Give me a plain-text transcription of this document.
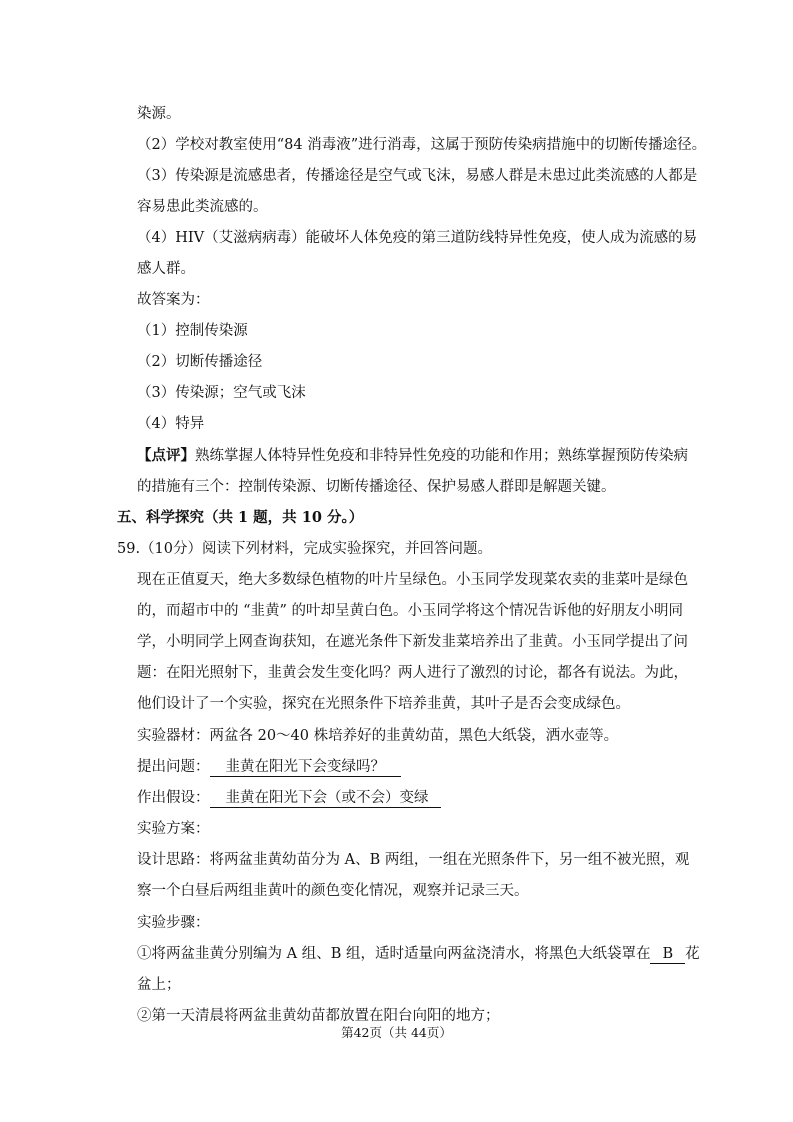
染源。
（2）学校对教室使用“84 消毒液”进行消毒，这属于预防传染病措施中的切断传播途径。
（3）传染源是流感患者，传播途径是空气或飞沫，易感人群是未患过此类流感的人都是
容易患此类流感的。
（4）HIV（艾滋病病毒）能破坏人体免疫的第三道防线特异性免疫，使人成为流感的易
感人群。
故答案为：
（1）控制传染源
（2）切断传播途径
（3）传染源；空气或飞沫
（4）特异
【点评】熟练掌握人体特异性免疫和非特异性免疫的功能和作用；熟练掌握预防传染病
的措施有三个：控制传染源、切断传播途径、保护易感人群即是解题关键。
五、科学探究（共 1 题，共 10 分。）
59.（10分）阅读下列材料，完成实验探究，并回答问题。
现在正值夏天，绝大多数绿色植物的叶片呈绿色。小玉同学发现菜农卖的韭菜叶是绿色
的，而超市中的 “韭黄” 的叶却呈黄白色。小玉同学将这个情况告诉他的好朋友小明同
学，小明同学上网查询获知，在遮光条件下新发韭菜培养出了韭黄。小玉同学提出了问
题：在阳光照射下，韭黄会发生变化吗？两人进行了激烈的讨论，都各有说法。为此，
他们设计了一个实验，探究在光照条件下培养韭黄，其叶子是否会变成绿色。
实验器材：两盆各 20～40 株培养好的韭黄幼苗，黑色大纸袋，洒水壶等。
提出问题： 韭黄在阳光下会变绿吗？
作出假设： 韭黄在阳光下会（或不会）变绿
实验方案：
设计思路：将两盆韭黄幼苗分为 A、B 两组，一组在光照条件下，另一组不被光照，观
察一个白昼后两组韭黄叶的颜色变化情况，观察并记录三天。
实验步骤：
①将两盆韭黄分别编为 A 组、B 组，适时适量向两盆浇清水，将黑色大纸袋罩在 B 花
盆上；
②第一天清晨将两盆韭黄幼苗都放置在阳台向阳的地方；
第42页（共 44页）
